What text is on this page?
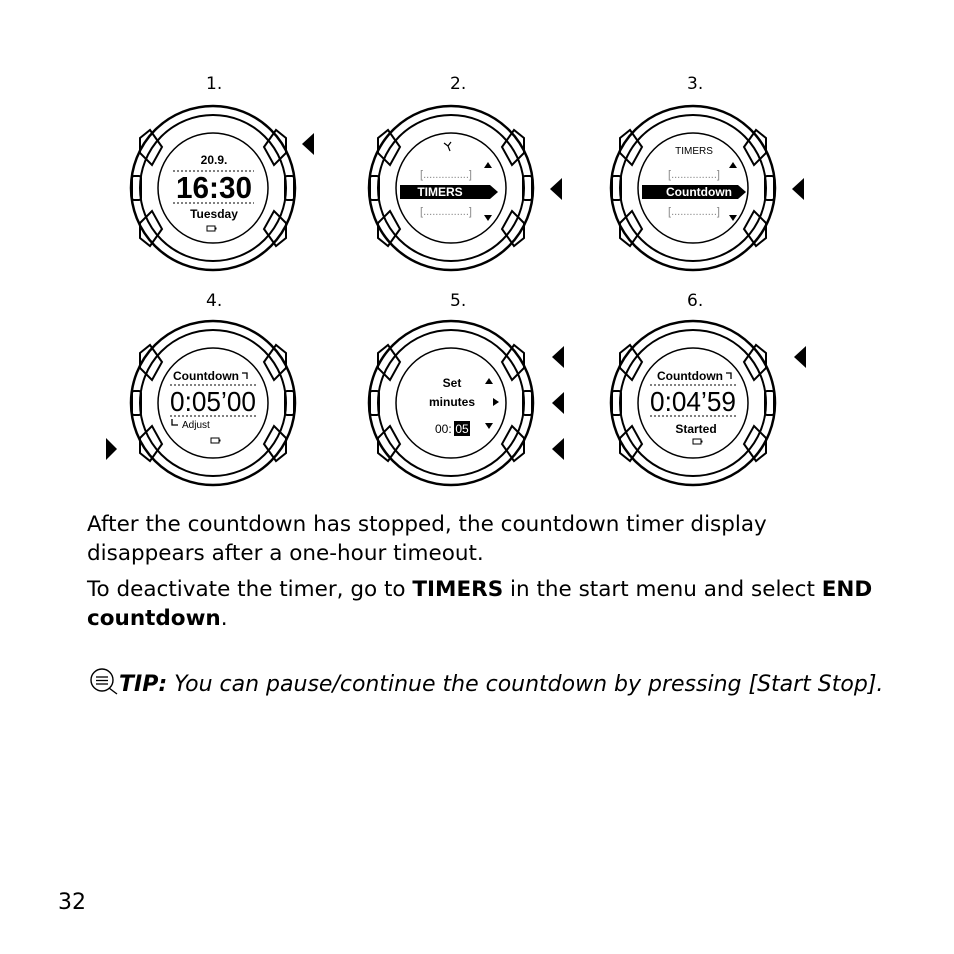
1.	2.	3.
4.	5.	6.
20.9.
16:30
Tuesday
[...............]
TIMERS
[...............]
TIMERS
[...............]
Countdown
[...............]
Countdown
0:05’00
Adjust
Set
minutes
00: 05
Countdown
0:04’59
Started

After the countdown has stopped, the countdown timer display disappears after a one-hour timeout.

To deactivate the timer, go to TIMERS in the start menu and select END countdown.

TIP: You can pause/continue the countdown by pressing [Start Stop].
32
